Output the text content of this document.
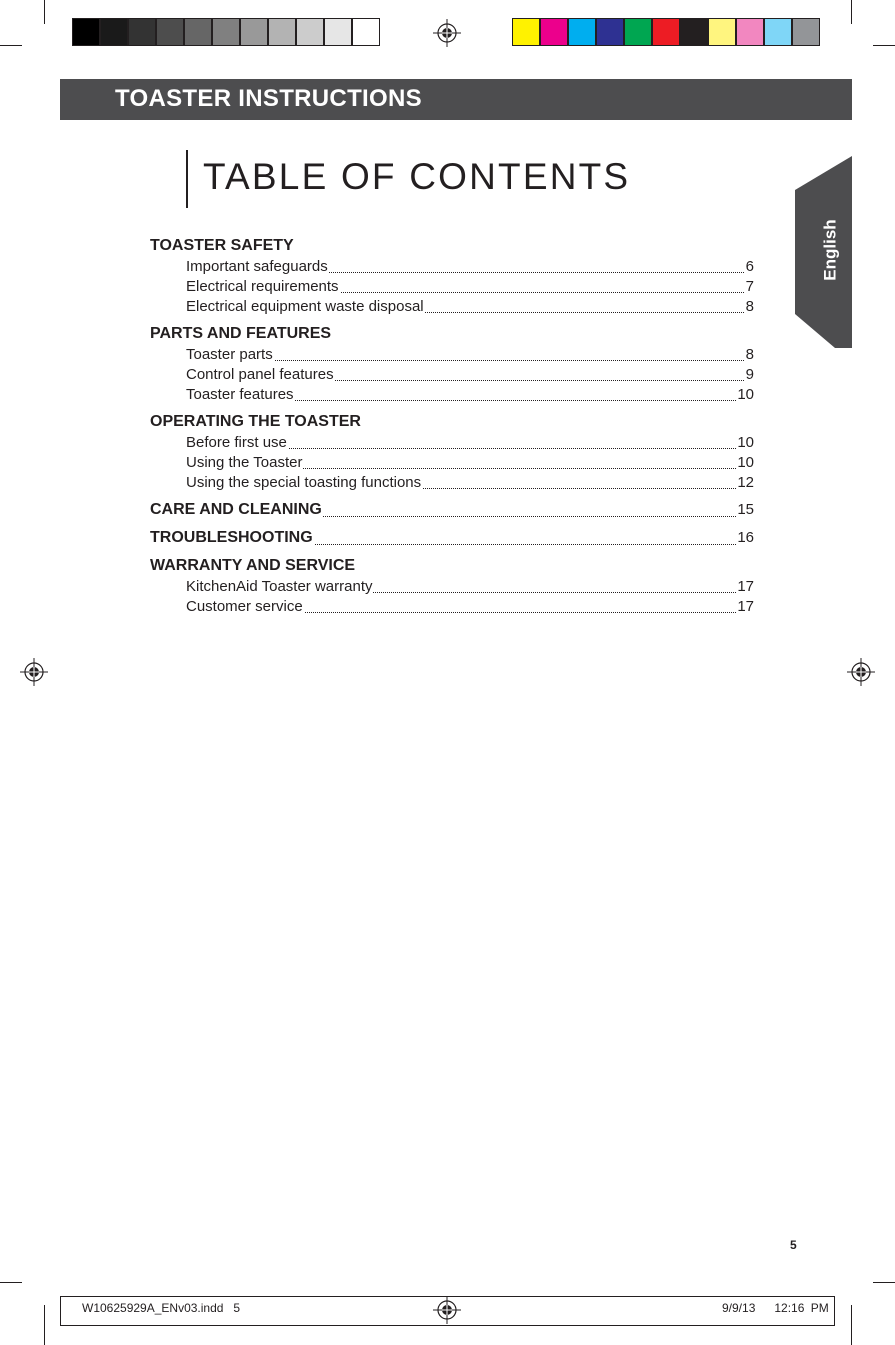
TOASTER INSTRUCTIONS
English
TABLE OF CONTENTS
TOASTER SAFETY
Important safeguards	6
Electrical requirements	7
Electrical equipment waste disposal	8
PARTS AND FEATURES
Toaster parts	8
Control panel features	9
Toaster features	10
OPERATING THE TOASTER
Before first use	10
Using the Toaster	10
Using the special toasting functions	12
CARE AND CLEANING	15
TROUBLESHOOTING	16
WARRANTY AND SERVICE
KitchenAid Toaster warranty	17
Customer service	17
5
W10625929A_ENv03.indd   5	9/9/13   12:16 PM
